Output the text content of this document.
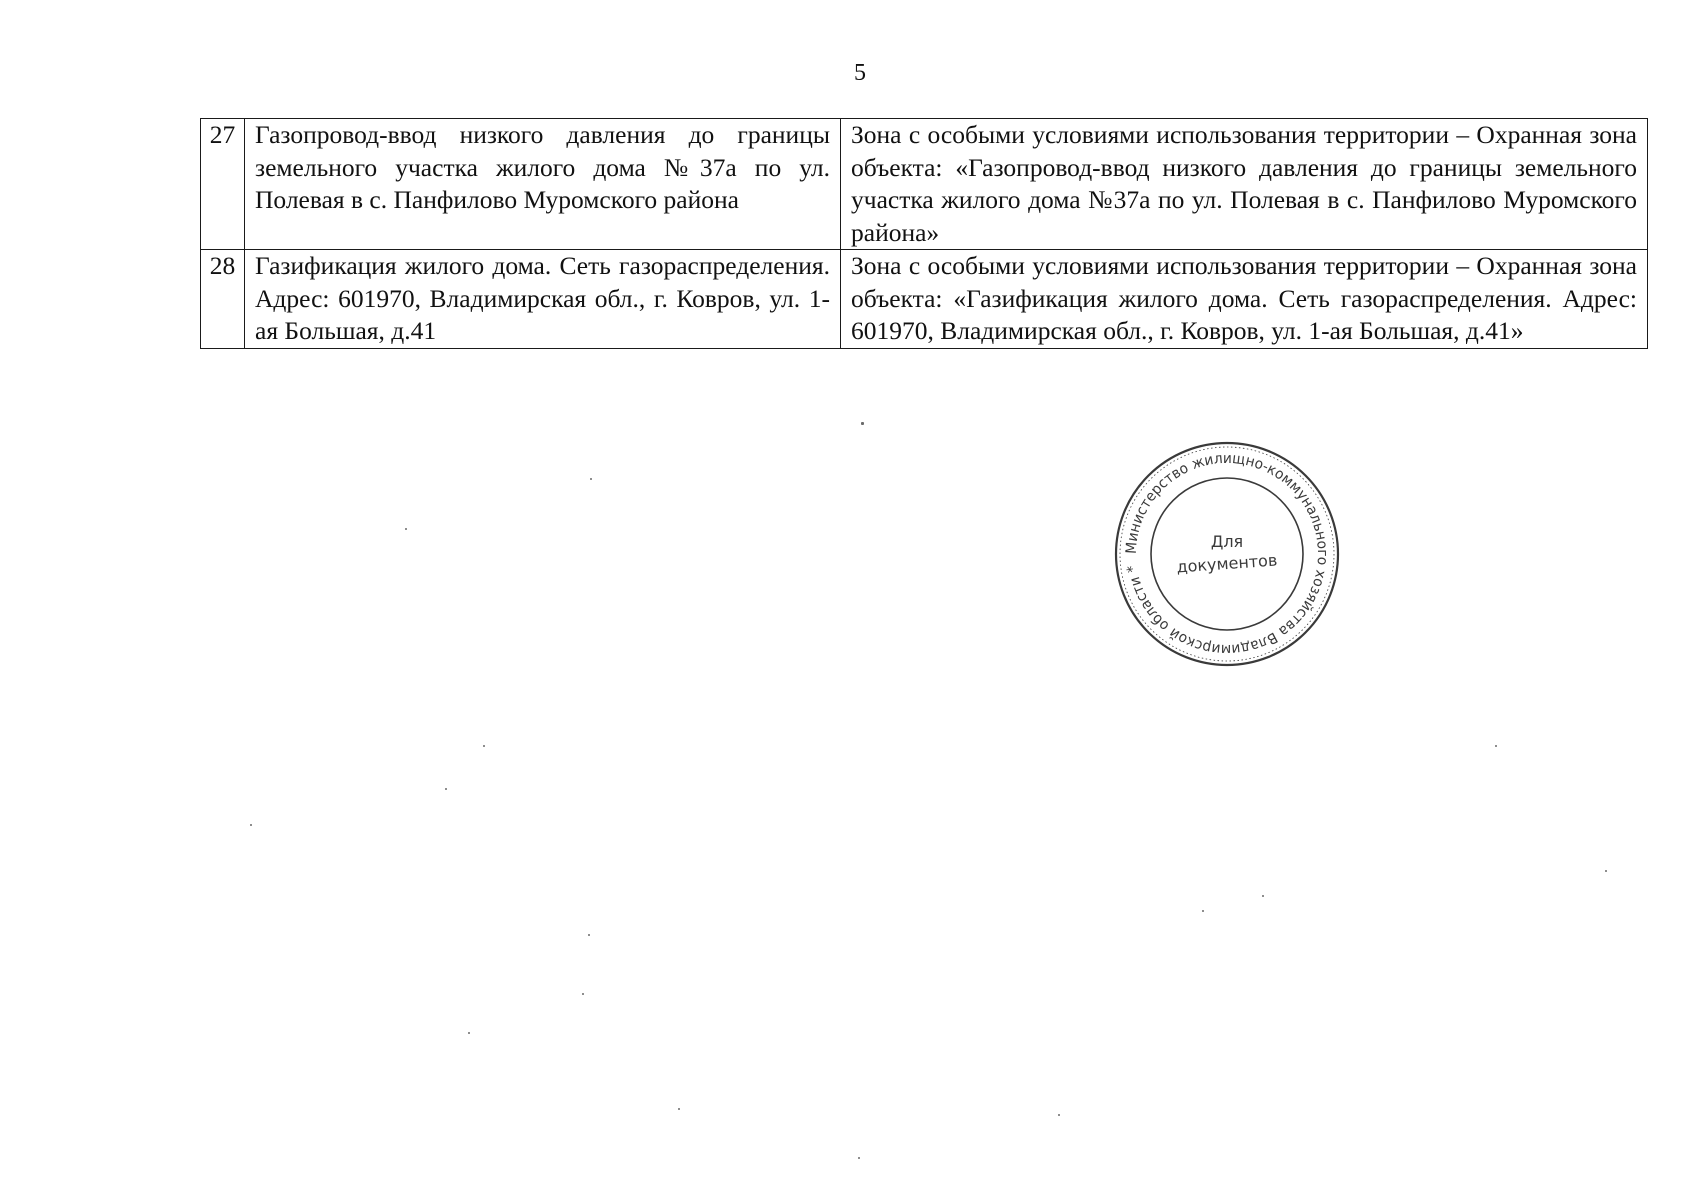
5
27	Газопровод-ввод низкого давления до границы земельного участка жилого дома №37а по ул. Полевая в с. Панфилово Муромского района	Зона с особыми условиями использования территории – Охранная зона объекта: «Газопровод-ввод низкого давления до границы земельного участка жилого дома №37а по ул. Полевая в с. Панфилово Муромского района»
28	Газификация жилого дома. Сеть газораспределения. Адрес: 601970, Владимирская обл., г. Ковров, ул. 1-ая Большая, д.41	Зона с особыми условиями использования территории – Охранная зона объекта: «Газификация жилого дома. Сеть газораспределения. Адрес: 601970, Владимирская обл., г. Ковров, ул. 1-ая Большая, д.41»
Министерство жилищно-коммунального хозяйства Владимирской области *
Для
документов
